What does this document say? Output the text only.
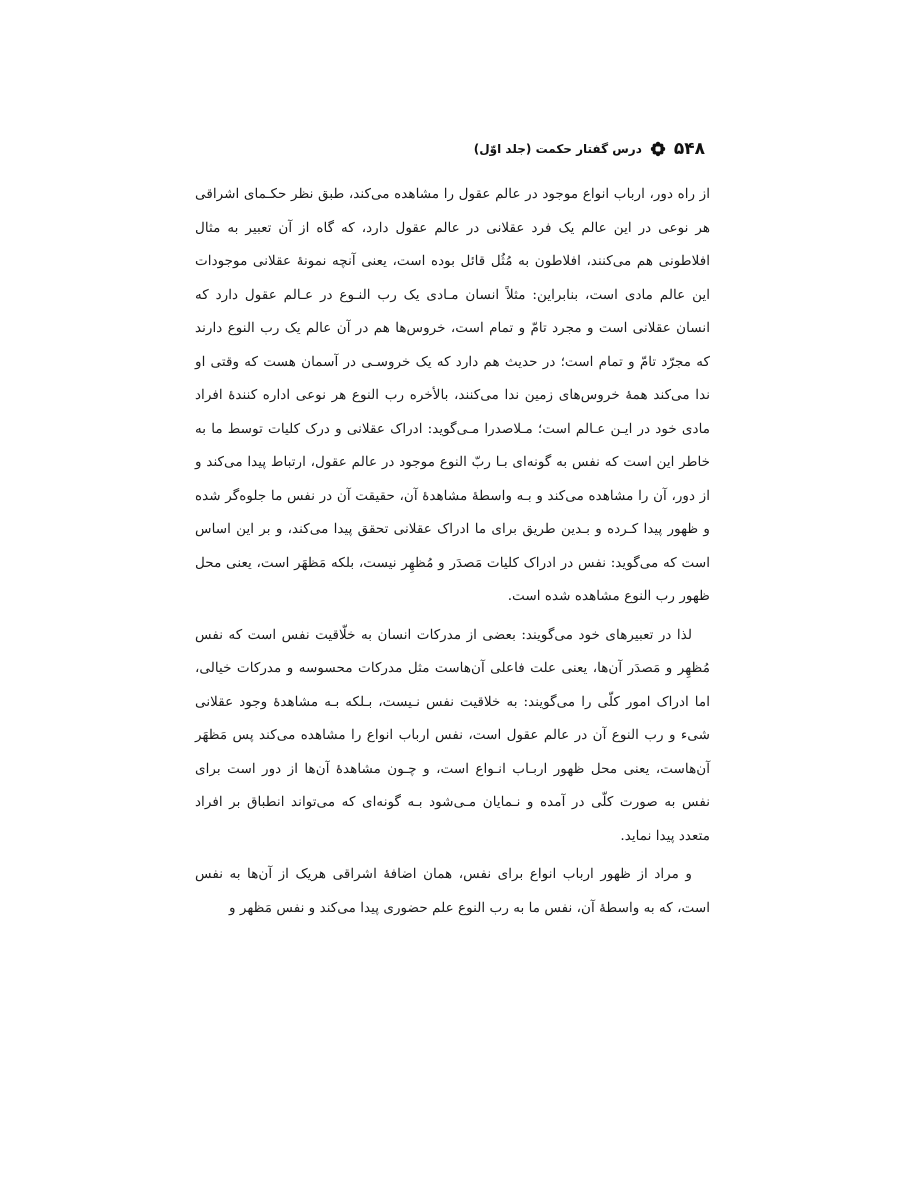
۵۴۸
درس گفتار حکمت (جلد اوّل)

از راه دور، ارباب انواع موجود در عالم عقول را مشاهده می‌کند، طبق نظر حکـمای اشراقی هر نوعی در این عالم یک فرد عقلانی در عالم عقول دارد، که گاه از آن تعبیر به مثال افلاطونی هم می‌کنند، افلاطون به مُثُل قائل بوده است، یعنی آنچه نمونهٔ عقلانی موجودات این عالم مادی است، بنابراین: مثلاً انسان مـادی یک رب النـوع در عـالم عقول دارد که انسان عقلانی است و مجرد تامّ و تمام است، خروس‌ها هم در آن عالم یک رب النوع دارند که مجرّد تامّ و تمام است؛ در حدیث هم دارد که یک خروسـی در آسمان هست که وقتی او ندا می‌کند همهٔ خروس‌های زمین ندا می‌کنند، بالأخره رب النوع هر نوعی اداره کنندهٔ افراد مادی خود در ایـن عـالم است؛ مـلاصدرا مـی‌گوید: ادراک عقلانی و درک کلیات توسط ما به خاطر این است که نفس به گونه‌ای بـا ربّ النوع موجود در عالم عقول، ارتباط پیدا می‌کند و از دور، آن را مشاهده می‌کند و بـه واسطهٔ مشاهدهٔ آن، حقیقت آن در نفس ما جلوه‌گر شده و ظهور پیدا کـرده و بـدین طریق برای ما ادراک عقلانی تحقق پیدا می‌کند، و بر این اساس است که می‌گوید: نفس در ادراک کلیات مَصدَر و مُظهِر نیست، بلکه مَظهَر است، یعنی محل ظهور رب النوع مشاهده شده است.

لذا در تعبیرهای خود می‌گویند: بعضی از مدرکات انسان به خلّاقیت نفس است که نفس مُظهِر و مَصدَر آن‌ها، یعنی علت فاعلی آن‌هاست مثل مدرکات محسوسه و مدرکات خیالی، اما ادراک امور کلّی را می‌گویند: به خلاقیت نفس نـیست، بـلکه بـه مشاهدهٔ وجود عقلانی شیء و رب النوع آن در عالم عقول است، نفس ارباب انواع را مشاهده می‌کند پس مَظهَر آن‌هاست، یعنی محل ظهور اربـاب انـواع است، و چـون مشاهدهٔ آن‌ها از دور است برای نفس به صورت کلّی در آمده و نـمایان مـی‌شود بـه گونه‌ای که می‌تواند انطباق بر افراد متعدد پیدا نماید.

و مراد از ظهور ارباب انواع برای نفس، همان اضافهٔ اشراقی هریک از آن‌ها به نفس است، که به واسطهٔ آن، نفس ما به رب النوع علم حضوری پیدا می‌کند و نفس مَظهر و
